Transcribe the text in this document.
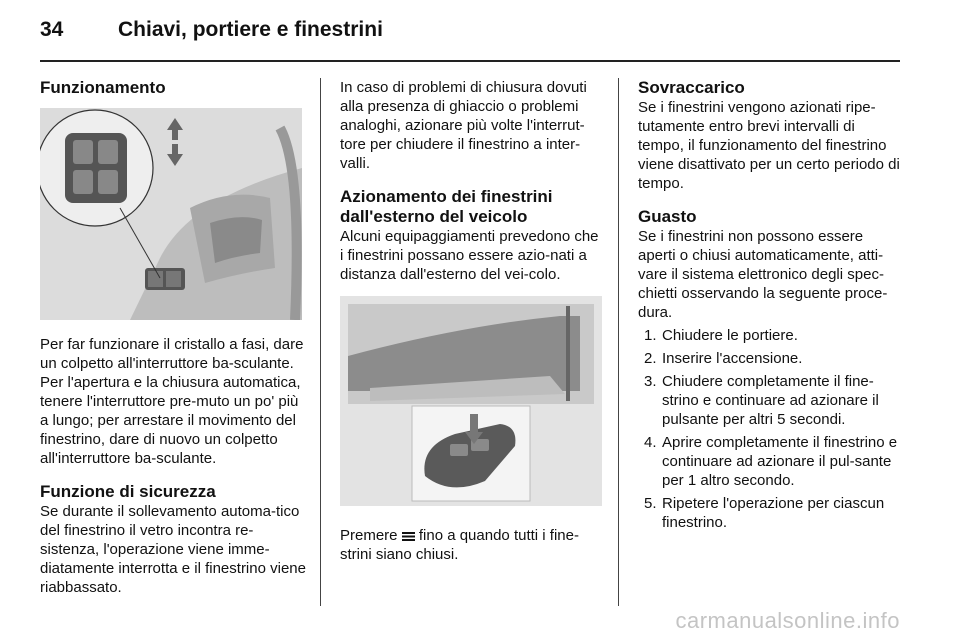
34	Chiavi, portiere e finestrini
Funzionamento

Per far funzionare il cristallo a fasi, dare un colpetto all'interruttore ba-sculante. Per l'apertura e la chiusura automatica, tenere l'interruttore pre-muto un po' più a lungo; per arrestare il movimento del finestrino, dare di nuovo un colpetto all'interruttore ba-sculante.

Funzione di sicurezza

Se durante il sollevamento automa-tico del finestrino il vetro incontra re-sistenza, l'operazione viene imme-diatamente interrotta e il finestrino viene riabbassato.

In caso di problemi di chiusura dovuti alla presenza di ghiaccio o problemi analoghi, azionare più volte l'interrut-tore per chiudere il finestrino a inter-valli.

Azionamento dei finestrini dall'esterno del veicolo

Alcuni equipaggiamenti prevedono che i finestrini possano essere azio-nati a distanza dall'esterno del vei-colo.

Premere  fino a quando tutti i fine-strini siano chiusi.

Sovraccarico

Se i finestrini vengono azionati ripe-tutamente entro brevi intervalli di tempo, il funzionamento del finestrino viene disattivato per un certo periodo di tempo.

Guasto

Se i finestrini non possono essere aperti o chiusi automaticamente, atti-vare il sistema elettronico degli spec-chietti osservando la seguente proce-dura.

1. Chiudere le portiere.
2. Inserire l'accensione.
3. Chiudere completamente il fine-strino e continuare ad azionare il pulsante per altri 5 secondi.
4. Aprire completamente il finestrino e continuare ad azionare il pul-sante per 1 altro secondo.
5. Ripetere l'operazione per ciascun finestrino.
carmanualsonline.info
